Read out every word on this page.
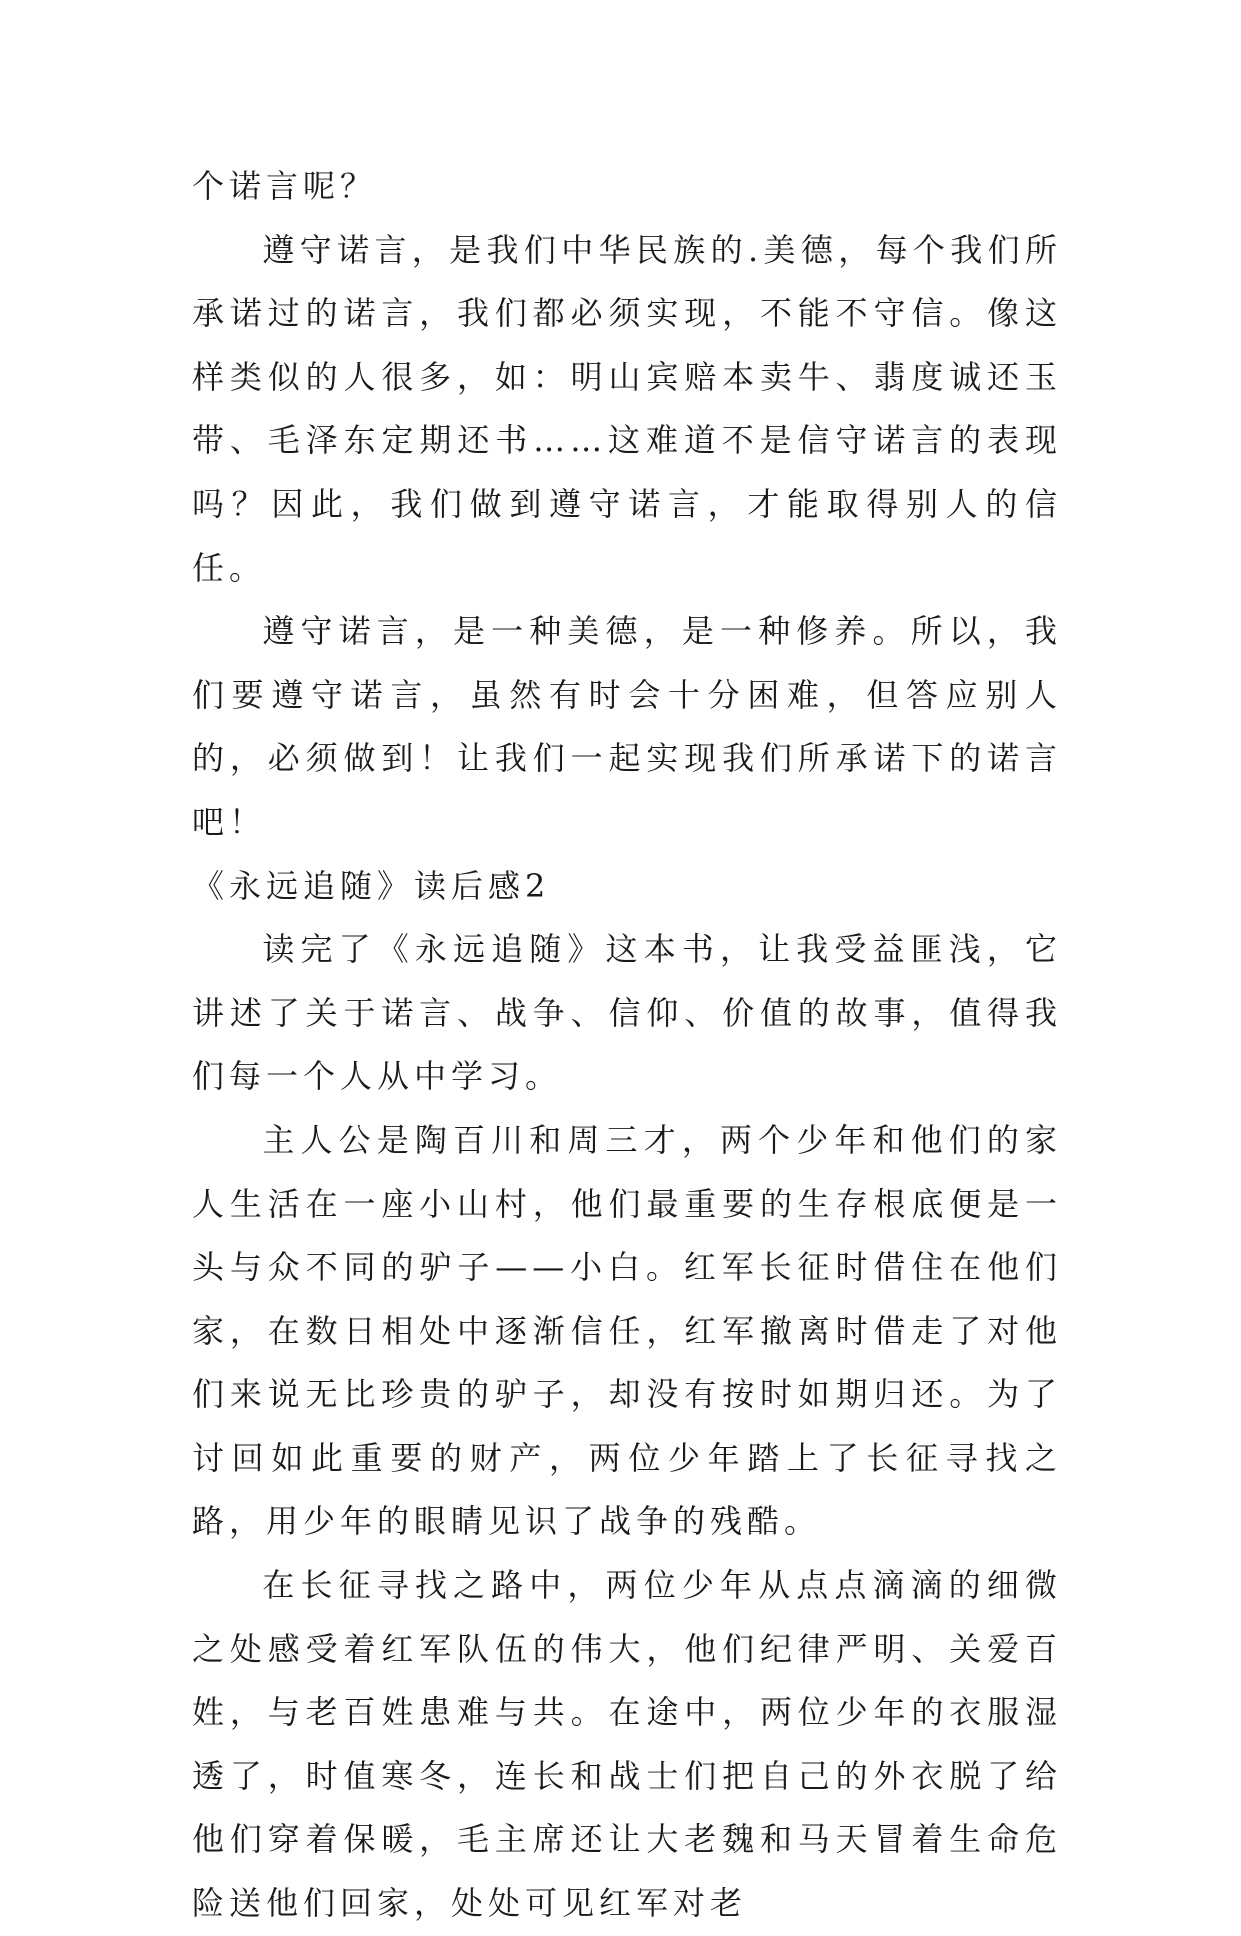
个诺言呢？

遵守诺言，是我们中华民族的.美德，每个我们所承诺过的诺言，我们都必须实现，不能不守信。像这样类似的人很多，如：明山宾赔本卖牛、翡度诚还玉带、毛泽东定期还书……这难道不是信守诺言的表现吗？因此，我们做到遵守诺言，才能取得别人的信任。

遵守诺言，是一种美德，是一种修养。所以，我们要遵守诺言，虽然有时会十分困难，但答应别人的，必须做到！让我们一起实现我们所承诺下的诺言吧！

《永远追随》读后感2

读完了《永远追随》这本书，让我受益匪浅，它讲述了关于诺言、战争、信仰、价值的故事，值得我们每一个人从中学习。

主人公是陶百川和周三才，两个少年和他们的家人生活在一座小山村，他们最重要的生存根底便是一头与众不同的驴子——小白。红军长征时借住在他们家，在数日相处中逐渐信任，红军撤离时借走了对他们来说无比珍贵的驴子，却没有按时如期归还。为了讨回如此重要的财产，两位少年踏上了长征寻找之路，用少年的眼睛见识了战争的残酷。

在长征寻找之路中，两位少年从点点滴滴的细微之处感受着红军队伍的伟大，他们纪律严明、关爱百姓，与老百姓患难与共。在途中，两位少年的衣服湿透了，时值寒冬，连长和战士们把自己的外衣脱了给他们穿着保暖，毛主席还让大老魏和马天冒着生命危险送他们回家，处处可见红军对老
